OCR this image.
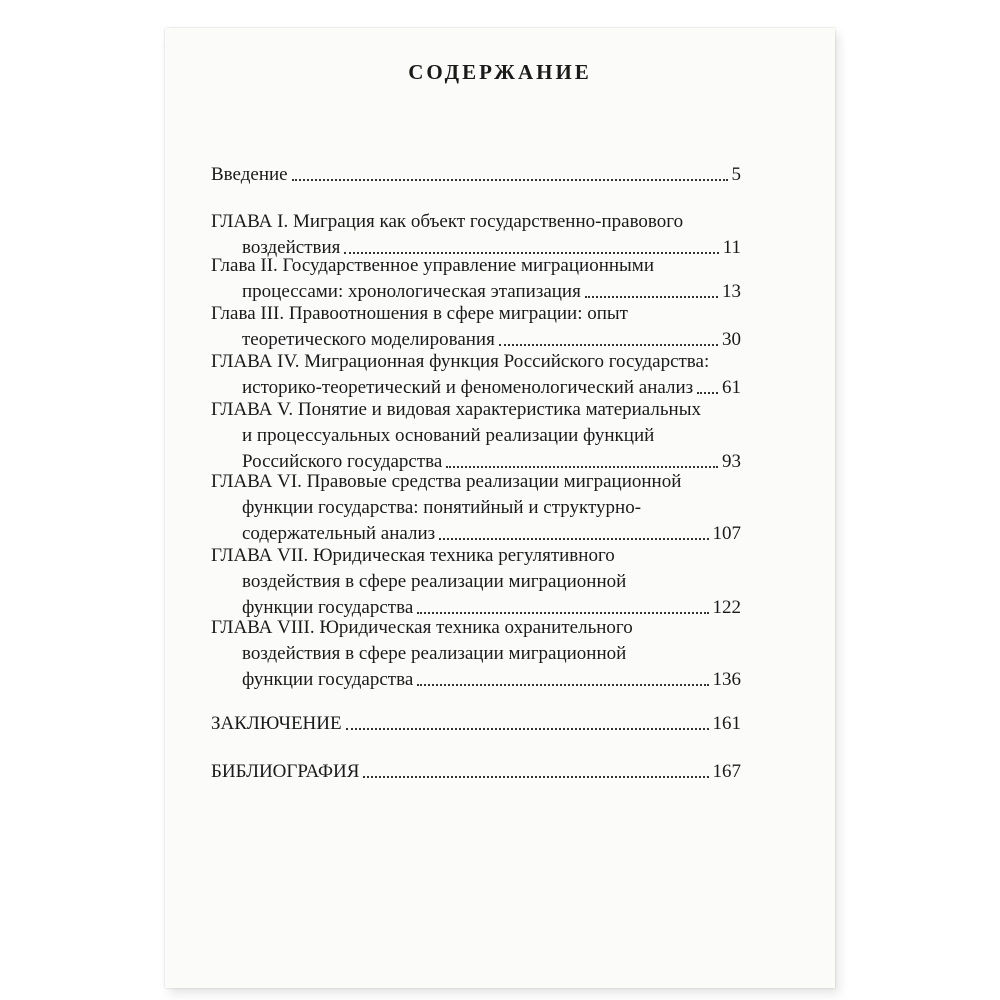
СОДЕРЖАНИЕ
Введение	5
ГЛАВА I. Миграция как объект государственно-правового
воздействия	11
Глава II. Государственное управление миграционными
процессами: хронологическая этапизация	13
Глава III. Правоотношения в сфере миграции: опыт
теоретического моделирования	30
ГЛАВА IV. Миграционная функция Российского государства:
историко-теоретический и феноменологический анализ 61
ГЛАВА V. Понятие и видовая характеристика материальных
и процессуальных оснований реализации функций
Российского государства	93
ГЛАВА VI. Правовые средства реализации миграционной
функции государства: понятийный и структурно-
содержательный анализ	107
ГЛАВА VII. Юридическая техника регулятивного
воздействия в сфере реализации миграционной
функции государства	122
ГЛАВА VIII. Юридическая техника охранительного
воздействия в сфере реализации миграционной
функции государства	136
ЗАКЛЮЧЕНИЕ	161
БИБЛИОГРАФИЯ	167
